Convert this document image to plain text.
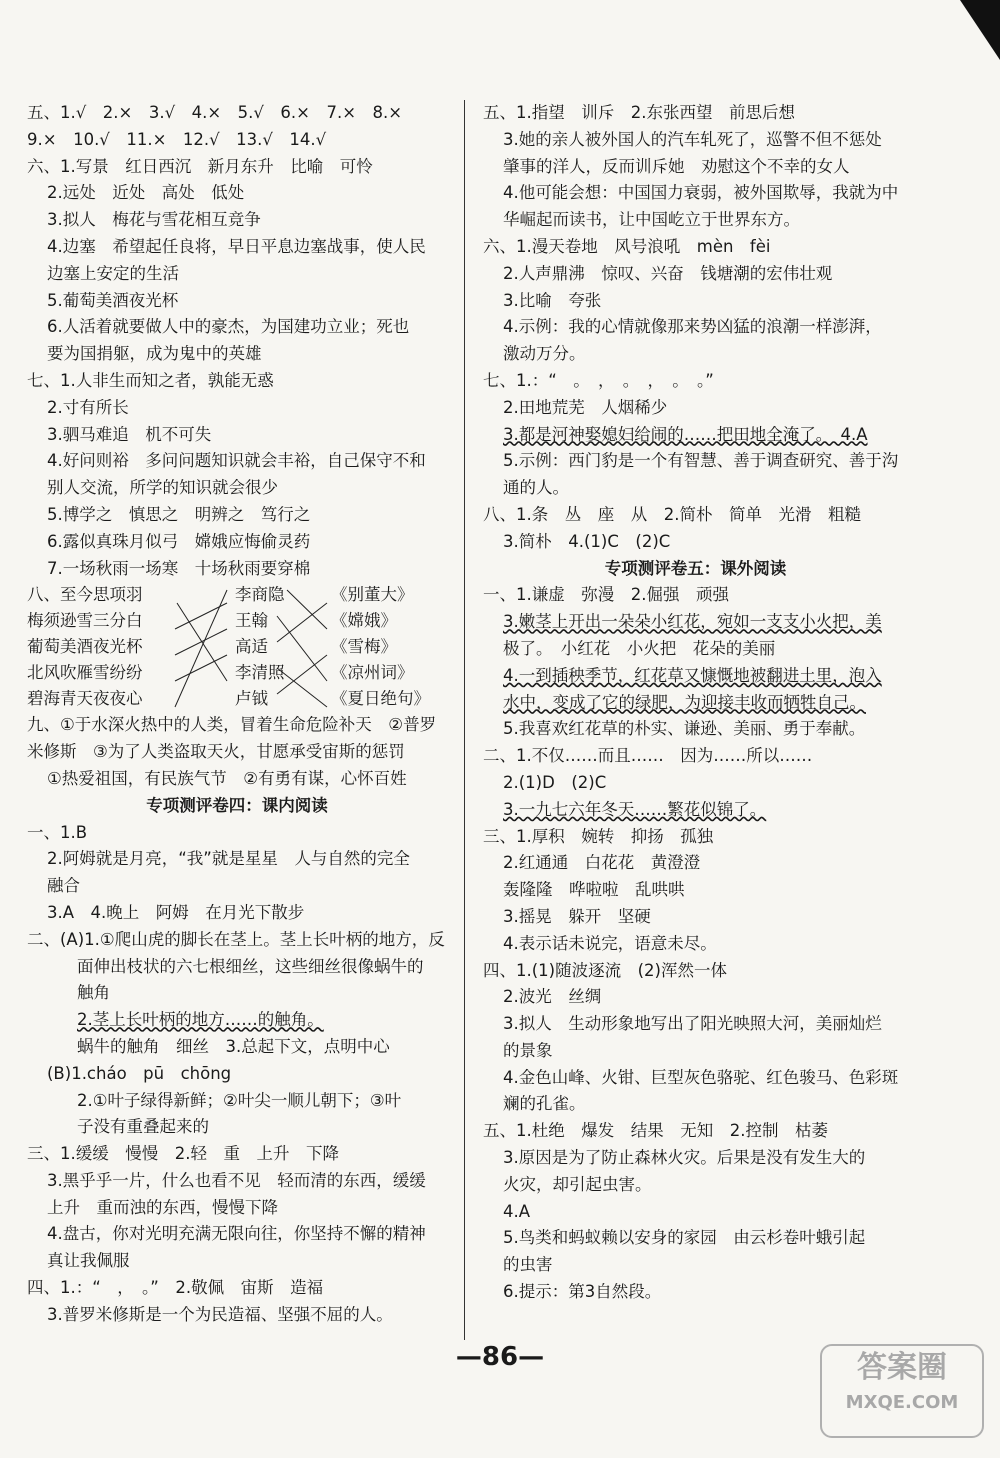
五、1.√　2.×　3.√　4.×　5.√　6.×　7.×　8.×
9.×　10.√　11.×　12.√　13.√　14.√
六、1.写景　红日西沉　新月东升　比喻　可怜
2.远处　近处　高处　低处
3.拟人　梅花与雪花相互竞争
4.边塞　希望起任良将，早日平息边塞战事，使人民
边塞上安定的生活
5.葡萄美酒夜光杯
6.人活着就要做人中的豪杰，为国建功立业；死也
要为国捐躯，成为鬼中的英雄
七、1.人非生而知之者，孰能无惑
2.寸有所长
3.驷马难追　机不可失
4.好问则裕　多问问题知识就会丰裕，自己保守不和
别人交流，所学的知识就会很少
5.博学之　慎思之　明辨之　笃行之
6.露似真珠月似弓　嫦娥应悔偷灵药
7.一场秋雨一场寒　十场秋雨要穿棉
八、至今思项羽
梅须逊雪三分白
葡萄美酒夜光杯
北风吹雁雪纷纷
碧海青天夜夜心
李商隐
王翰
高适
李清照
卢钺
《别董大》
《嫦娥》
《雪梅》
《凉州词》
《夏日绝句》
九、①于水深火热中的人类，冒着生命危险补天　②普罗
米修斯　③为了人类盗取天火，甘愿承受宙斯的惩罚
①热爱祖国，有民族气节　②有勇有谋，心怀百姓
专项测评卷四：课内阅读
一、1.B
2.阿姆就是月亮，“我”就是星星　人与自然的完全
融合
3.A　4.晚上　阿姆　在月光下散步
二、(A)1.①爬山虎的脚长在茎上。茎上长叶柄的地方，反
面伸出枝状的六七根细丝，这些细丝很像蜗牛的
触角
2.茎上长叶柄的地方……的触角。
蜗牛的触角　细丝　3.总起下文，点明中心
(B)1.cháo　pū　chōng
2.①叶子绿得新鲜；②叶尖一顺儿朝下；③叶
子没有重叠起来的
三、1.缓缓　慢慢　2.轻　重　上升　下降
3.黑乎乎一片，什么也看不见　轻而清的东西，缓缓
上升　重而浊的东西，慢慢下降
4.盘古，你对光明充满无限向往，你坚持不懈的精神
真让我佩服
四、1.：“　，　。”　2.敬佩　宙斯　造福
3.普罗米修斯是一个为民造福、坚强不屈的人。
五、1.指望　训斥　2.东张西望　前思后想
3.她的亲人被外国人的汽车轧死了，巡警不但不惩处
肇事的洋人，反而训斥她　劝慰这个不幸的女人
4.他可能会想：中国国力衰弱，被外国欺辱，我就为中
华崛起而读书，让中国屹立于世界东方。
六、1.漫天卷地　风号浪吼　mèn　fèi
2.人声鼎沸　惊叹、兴奋　钱塘潮的宏伟壮观
3.比喻　夸张
4.示例：我的心情就像那来势凶猛的浪潮一样澎湃，
激动万分。
七、1.：“　。　，　。　，　。　。”
2.田地荒芜　人烟稀少
3.都是河神娶媳妇给闹的……把田地全淹了。　4.A
5.示例：西门豹是一个有智慧、善于调查研究、善于沟
通的人。
八、1.条　丛　座　从　2.简朴　简单　光滑　粗糙
3.简朴　4.(1)C　(2)C
专项测评卷五：课外阅读
一、1.谦虚　弥漫　2.倔强　顽强
3.嫩茎上开出一朵朵小红花，宛如一支支小火把，美
极了。　小红花　小火把　花朵的美丽
4.一到插秧季节，红花草又慷慨地被翻进土里，泡入
水中，变成了它的绿肥，为迎接丰收而牺牲自己。
5.我喜欢红花草的朴实、谦逊、美丽、勇于奉献。
二、1.不仅……而且……　因为……所以……
2.(1)D　(2)C
3.一九七六年冬天……繁花似锦了。
三、1.厚积　婉转　抑扬　孤独
2.红通通　白花花　黄澄澄
轰隆隆　哗啦啦　乱哄哄
3.摇晃　躲开　坚硬
4.表示话未说完，语意未尽。
四、1.(1)随波逐流　(2)浑然一体
2.波光　丝绸
3.拟人　生动形象地写出了阳光映照大河，美丽灿烂
的景象
4.金色山峰、火钳、巨型灰色骆驼、红色骏马、色彩斑
斓的孔雀。
五、1.杜绝　爆发　结果　无知　2.控制　枯萎
3.原因是为了防止森林火灾。后果是没有发生大的
火灾，却引起虫害。
4.A
5.鸟类和蚂蚁赖以安身的家园　由云杉卷叶蛾引起
的虫害
6.提示：第3自然段。
—86—	答案圈
MXQE.COM
